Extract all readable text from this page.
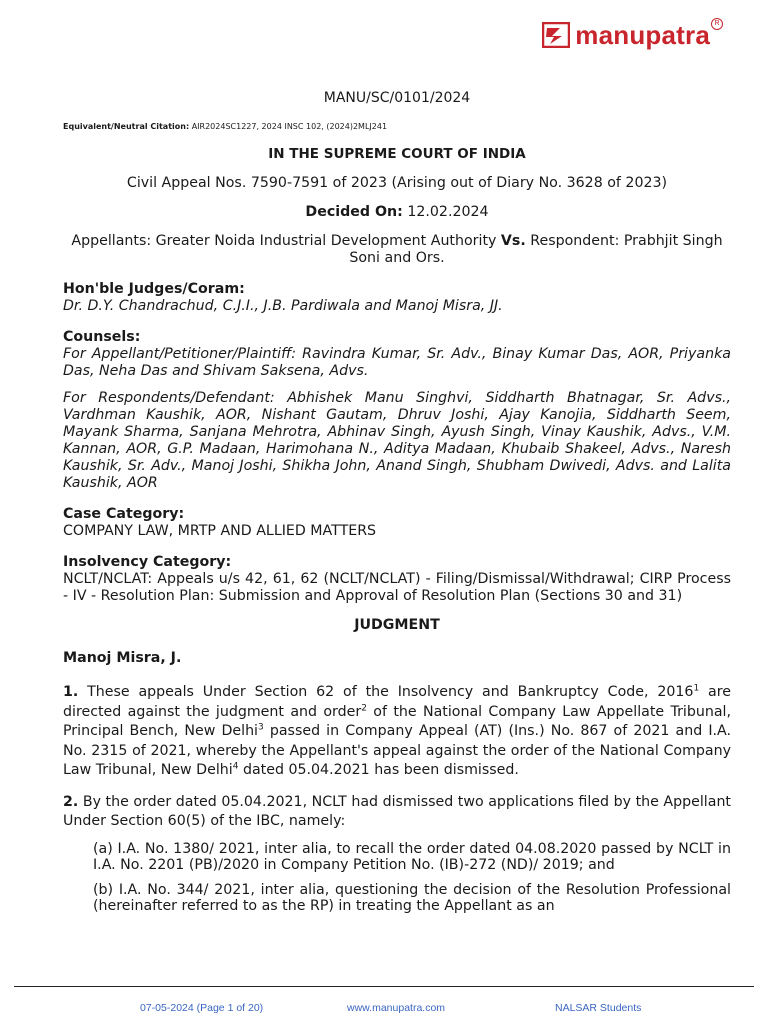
manupatra R
MANU/SC/0101/2024
Equivalent/Neutral Citation: AIR2024SC1227, 2024 INSC 102, (2024)2MLJ241
IN THE SUPREME COURT OF INDIA
Civil Appeal Nos. 7590-7591 of 2023 (Arising out of Diary No. 3628 of 2023)
Decided On: 12.02.2024
Appellants: Greater Noida Industrial Development Authority Vs. Respondent: Prabhjit Singh Soni and Ors.
Hon'ble Judges/Coram:
Dr. D.Y. Chandrachud, C.J.I., J.B. Pardiwala and Manoj Misra, JJ.
Counsels:
For Appellant/Petitioner/Plaintiff: Ravindra Kumar, Sr. Adv., Binay Kumar Das, AOR, Priyanka Das, Neha Das and Shivam Saksena, Advs.
For Respondents/Defendant: Abhishek Manu Singhvi, Siddharth Bhatnagar, Sr. Advs., Vardhman Kaushik, AOR, Nishant Gautam, Dhruv Joshi, Ajay Kanojia, Siddharth Seem, Mayank Sharma, Sanjana Mehrotra, Abhinav Singh, Ayush Singh, Vinay Kaushik, Advs., V.M. Kannan, AOR, G.P. Madaan, Harimohana N., Aditya Madaan, Khubaib Shakeel, Advs., Naresh Kaushik, Sr. Adv., Manoj Joshi, Shikha John, Anand Singh, Shubham Dwivedi, Advs. and Lalita Kaushik, AOR
Case Category:
COMPANY LAW, MRTP AND ALLIED MATTERS
Insolvency Category:
NCLT/NCLAT: Appeals u/s 42, 61, 62 (NCLT/NCLAT) - Filing/Dismissal/Withdrawal; CIRP Process - IV - Resolution Plan: Submission and Approval of Resolution Plan (Sections 30 and 31)
JUDGMENT
Manoj Misra, J.
1. These appeals Under Section 62 of the Insolvency and Bankruptcy Code, 2016$^1$ are directed against the judgment and order$^2$ of the National Company Law Appellate Tribunal, Principal Bench, New Delhi$^3$ passed in Company Appeal (AT) (Ins.) No. 867 of 2021 and I.A. No. 2315 of 2021, whereby the Appellant's appeal against the order of the National Company Law Tribunal, New Delhi$^4$ dated 05.04.2021 has been dismissed.
2. By the order dated 05.04.2021, NCLT had dismissed two applications filed by the Appellant Under Section 60(5) of the IBC, namely:
(a) I.A. No. 1380/ 2021, inter alia, to recall the order dated 04.08.2020 passed by NCLT in I.A. No. 2201 (PB)/2020 in Company Petition No. (IB)-272 (ND)/ 2019; and
(b) I.A. No. 344/ 2021, inter alia, questioning the decision of the Resolution Professional (hereinafter referred to as the RP) in treating the Appellant as an
07-05-2024 (Page 1 of 20)	www.manupatra.com	NALSAR Students
